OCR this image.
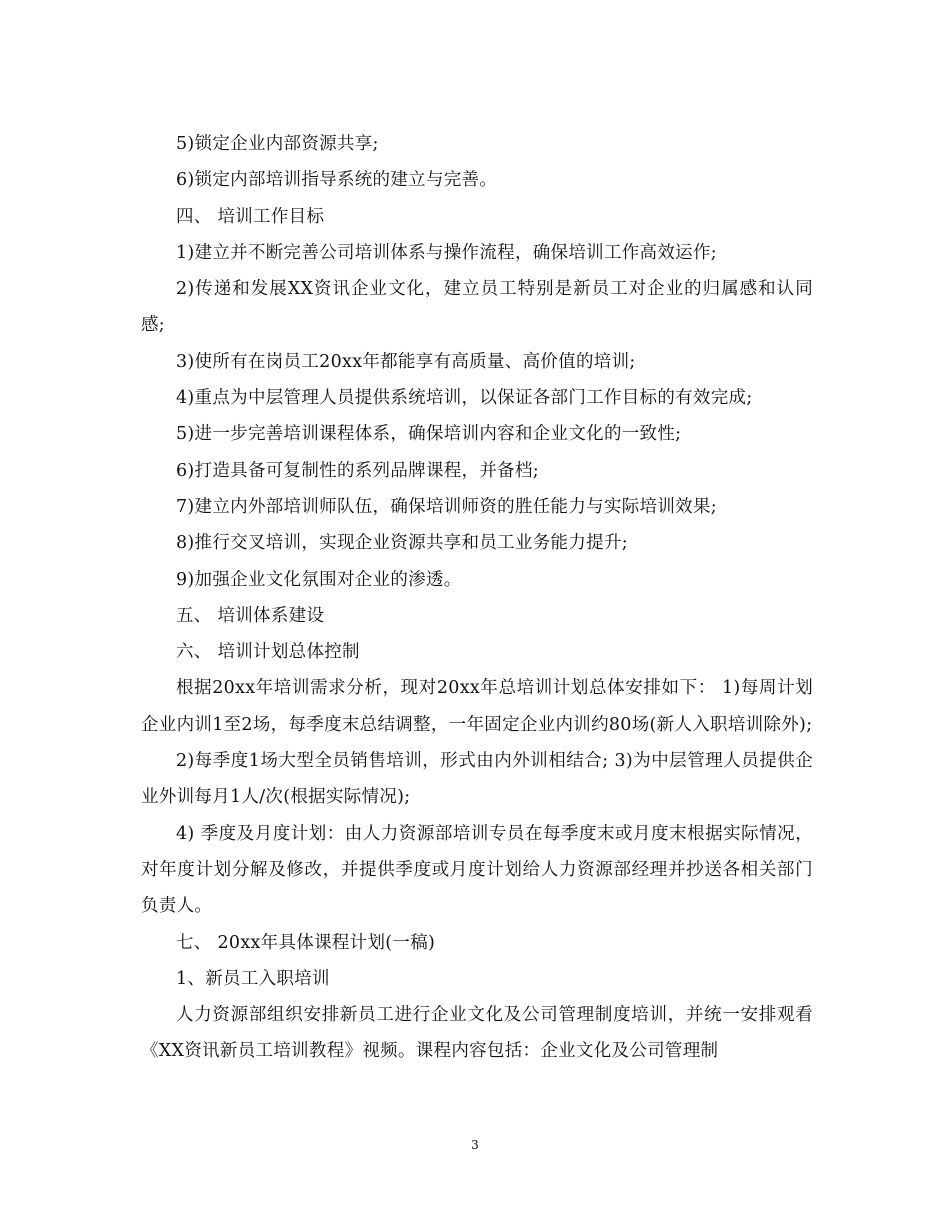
5)锁定企业内部资源共享;

6)锁定内部培训指导系统的建立与完善。

四、 培训工作目标

1)建立并不断完善公司培训体系与操作流程，确保培训工作高效运作;

2)传递和发展XX资讯企业文化，建立员工特别是新员工对企业的归属感和认同感;

3)使所有在岗员工20xx年都能享有高质量、高价值的培训;

4)重点为中层管理人员提供系统培训，以保证各部门工作目标的有效完成;

5)进一步完善培训课程体系，确保培训内容和企业文化的一致性;

6)打造具备可复制性的系列品牌课程，并备档;

7)建立内外部培训师队伍，确保培训师资的胜任能力与实际培训效果;

8)推行交叉培训，实现企业资源共享和员工业务能力提升;

9)加强企业文化氛围对企业的渗透。

五、 培训体系建设

六、 培训计划总体控制

根据20xx年培训需求分析，现对20xx年总培训计划总体安排如下： 1)每周计划企业内训1至2场，每季度末总结调整，一年固定企业内训约80场(新人入职培训除外);

2)每季度1场大型全员销售培训，形式由内外训相结合; 3)为中层管理人员提供企业外训每月1人/次(根据实际情况);

4) 季度及月度计划：由人力资源部培训专员在每季度末或月度末根据实际情况，对年度计划分解及修改，并提供季度或月度计划给人力资源部经理并抄送各相关部门负责人。

七、 20xx年具体课程计划(一稿)

1、新员工入职培训

人力资源部组织安排新员工进行企业文化及公司管理制度培训，并统一安排观看《XX资讯新员工培训教程》视频。课程内容包括：企业文化及公司管理制

3
